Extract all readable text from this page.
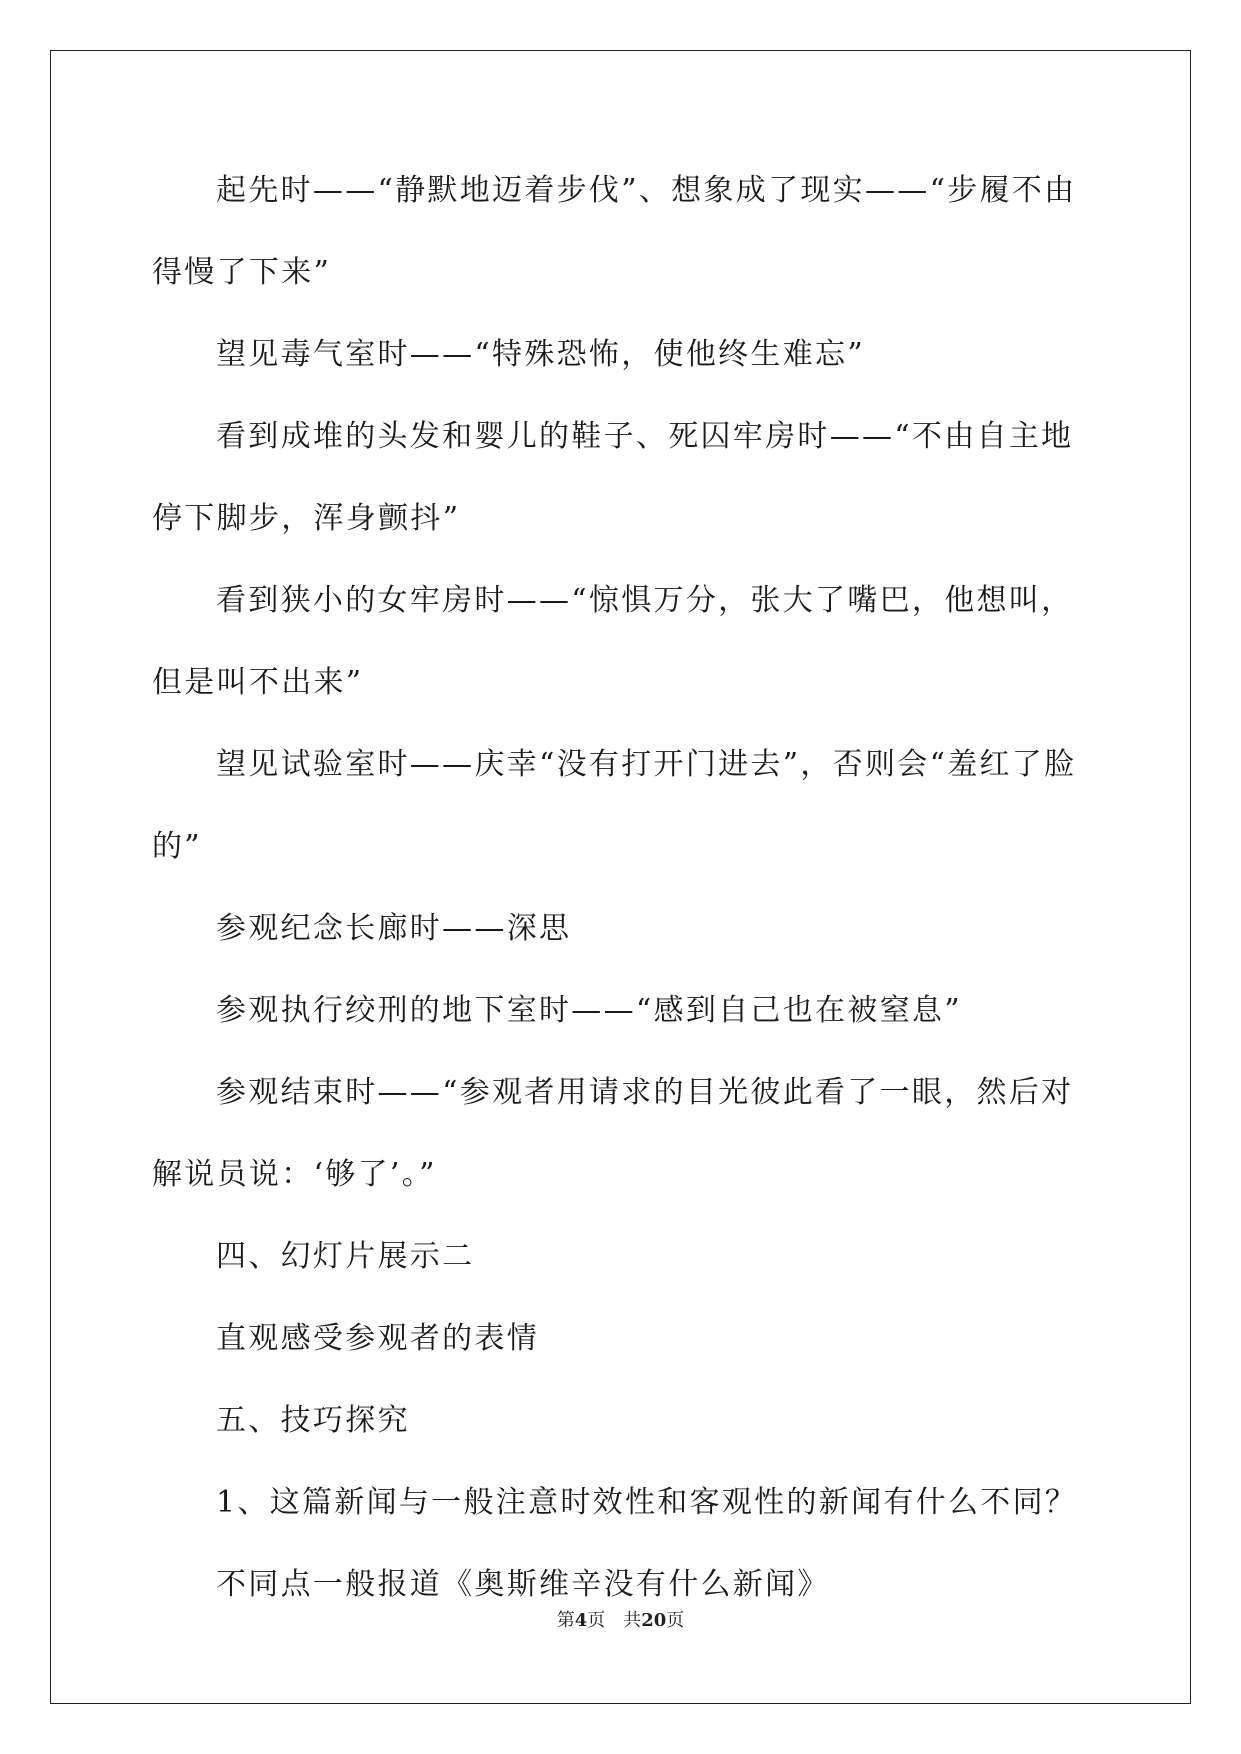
起先时——“静默地迈着步伐”、想象成了现实——“步履不由得慢了下来”

望见毒气室时——“特殊恐怖，使他终生难忘”

看到成堆的头发和婴儿的鞋子、死囚牢房时——“不由自主地停下脚步，浑身颤抖”

看到狭小的女牢房时——“惊惧万分，张大了嘴巴，他想叫，但是叫不出来”

望见试验室时——庆幸“没有打开门进去”，否则会“羞红了脸的”

参观纪念长廊时——深思

参观执行绞刑的地下室时——“感到自己也在被窒息”

参观结束时——“参观者用请求的目光彼此看了一眼，然后对解说员说：‘够了’。”

四、幻灯片展示二

直观感受参观者的表情

五、技巧探究

1、这篇新闻与一般注意时效性和客观性的新闻有什么不同？

不同点一般报道《奥斯维辛没有什么新闻》

第4页　共20页
